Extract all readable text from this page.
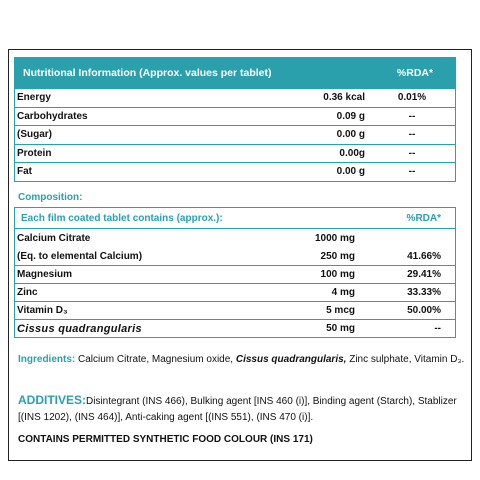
Nutritional Information (Approx. values per tablet)	%RDA*
Energy	0.36 kcal	0.01%
Carbohydrates	0.09 g	--
(Sugar)	0.00 g	--
Protein	0.00g	--
Fat	0.00 g	--
Composition:
Each film coated tablet contains (approx.):	%RDA*
Calcium Citrate	1000 mg
(Eq. to elemental Calcium)	250 mg	41.66%
Magnesium	100 mg	29.41%
Zinc	4 mg	33.33%
Vitamin D₃	5 mcg	50.00%
Cissus quadrangularis	50 mg	--
Ingredients: Calcium Citrate, Magnesium oxide, Cissus quadrangularis, Zinc sulphate, Vitamin D₃.
ADDITIVES:Disintegrant (INS 466), Bulking agent [INS 460 (i)], Binding agent (Starch), Stablizer [(INS 1202), (INS 464)], Anti-caking agent [(INS 551), (INS 470 (i)].
CONTAINS PERMITTED SYNTHETIC FOOD COLOUR (INS 171)
